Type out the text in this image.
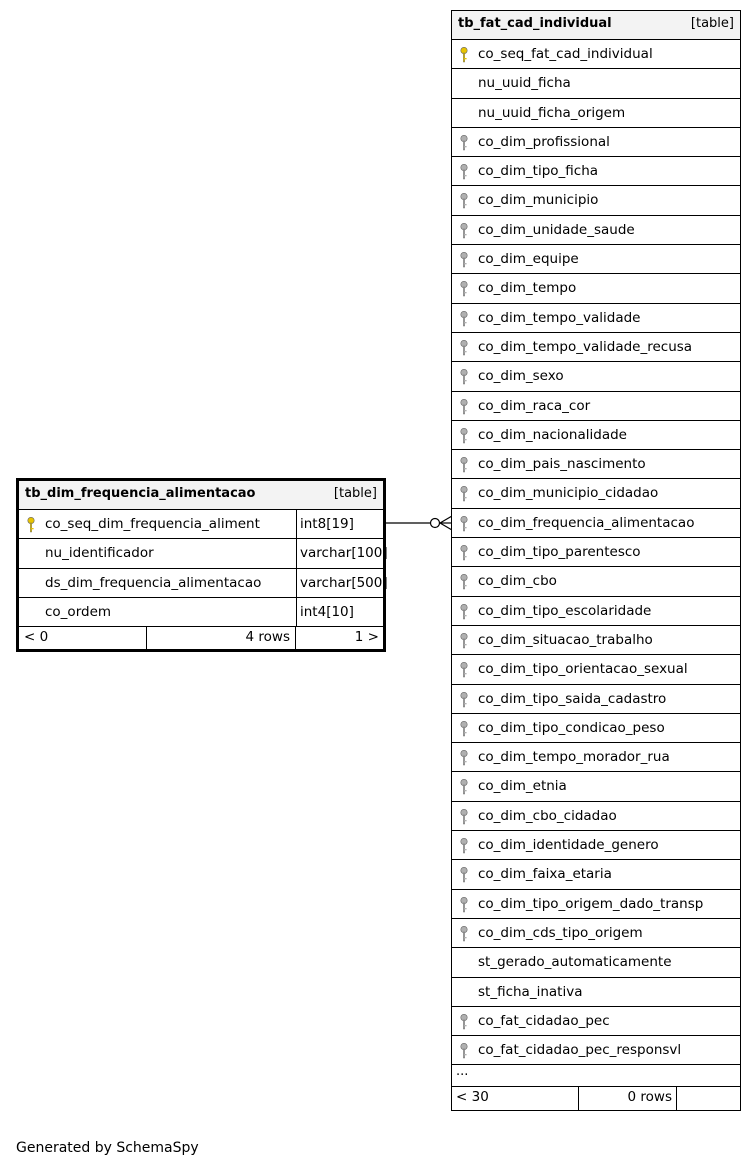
tb_dim_frequencia_alimentacao	[table]
co_seq_dim_frequencia_aliment	int8[19]
nu_identificador	varchar[100]
ds_dim_frequencia_alimentacao	varchar[500]
co_ordem	int4[10]
< 0	4 rows	1 >
tb_fat_cad_individual	[table]
co_seq_fat_cad_individual
nu_uuid_ficha
nu_uuid_ficha_origem
co_dim_profissional
co_dim_tipo_ficha
co_dim_municipio
co_dim_unidade_saude
co_dim_equipe
co_dim_tempo
co_dim_tempo_validade
co_dim_tempo_validade_recusa
co_dim_sexo
co_dim_raca_cor
co_dim_nacionalidade
co_dim_pais_nascimento
co_dim_municipio_cidadao
co_dim_frequencia_alimentacao
co_dim_tipo_parentesco
co_dim_cbo
co_dim_tipo_escolaridade
co_dim_situacao_trabalho
co_dim_tipo_orientacao_sexual
co_dim_tipo_saida_cadastro
co_dim_tipo_condicao_peso
co_dim_tempo_morador_rua
co_dim_etnia
co_dim_cbo_cidadao
co_dim_identidade_genero
co_dim_faixa_etaria
co_dim_tipo_origem_dado_transp
co_dim_cds_tipo_origem
st_gerado_automaticamente
st_ficha_inativa
co_fat_cidadao_pec
co_fat_cidadao_pec_responsvl
...
< 30	0 rows
Generated by SchemaSpy
